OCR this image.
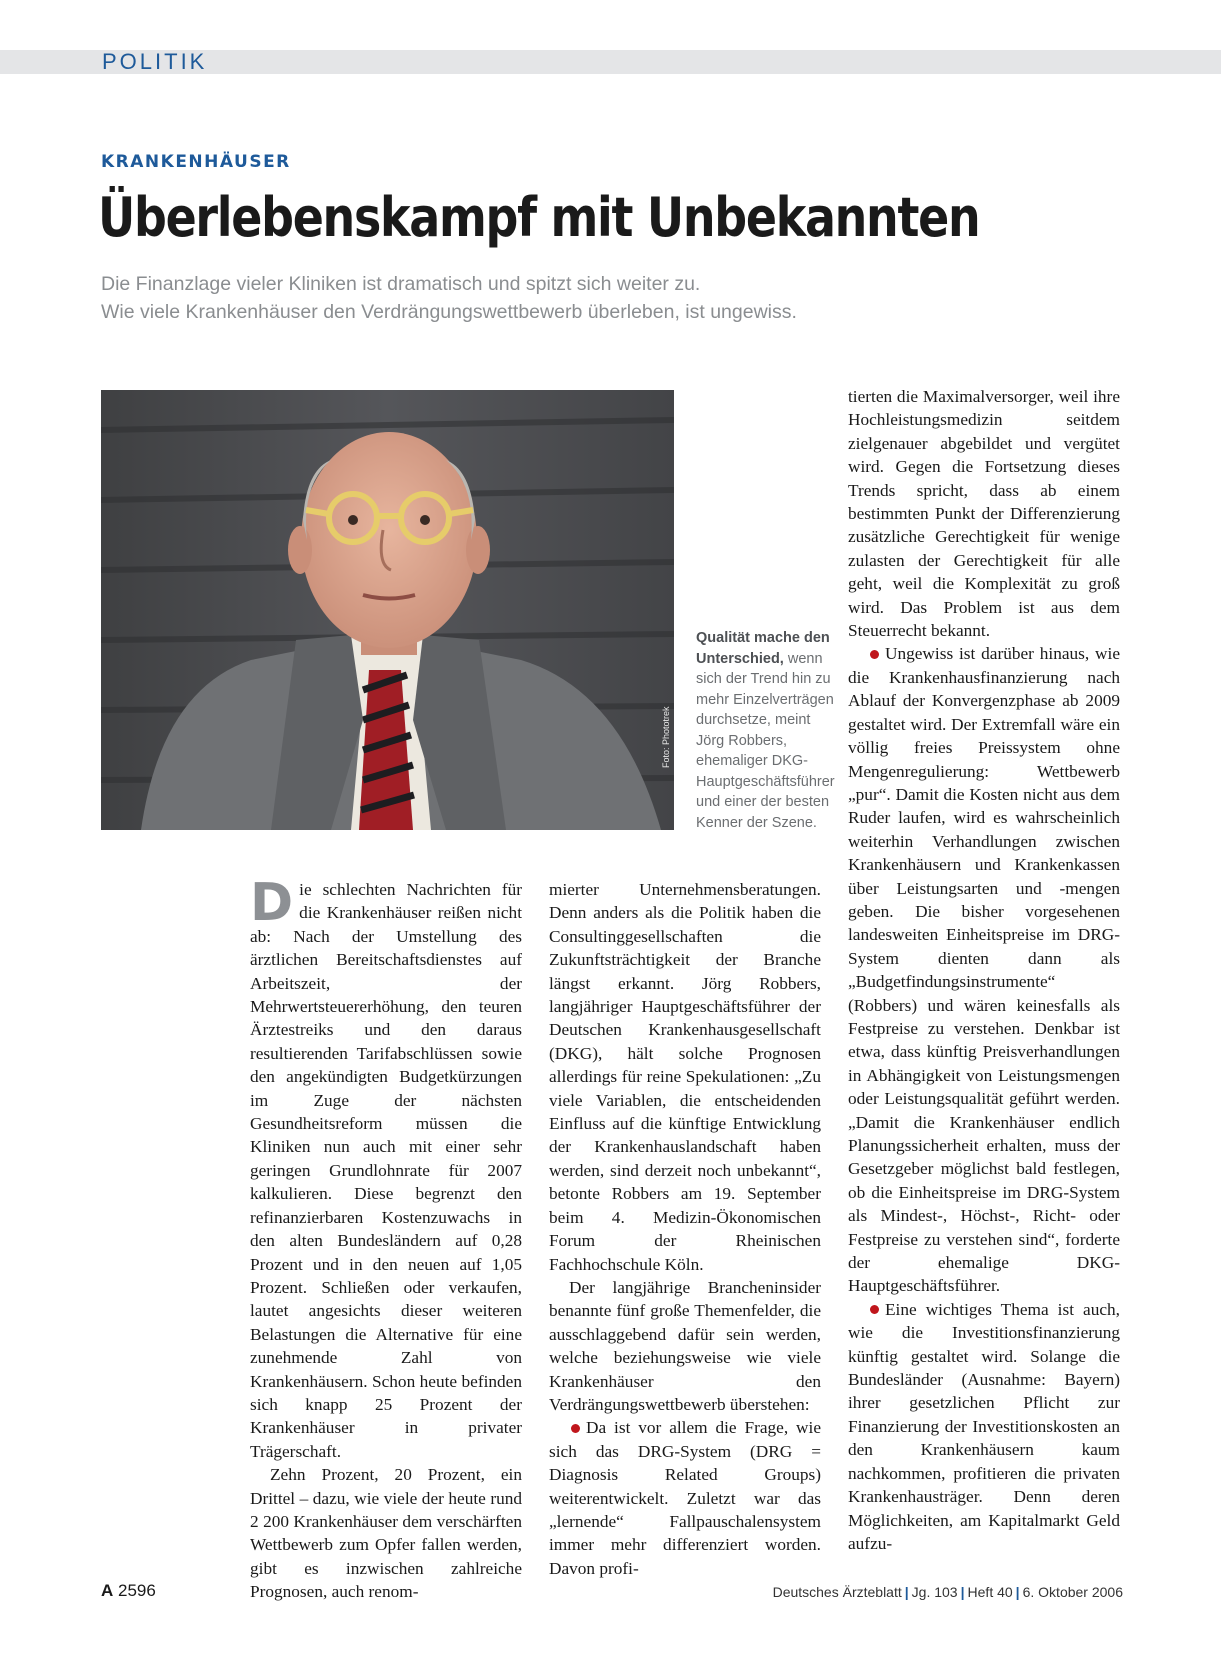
POLITIK
KRANKENHÄUSER
Überlebenskampf mit Unbekannten
Die Finanzlage vieler Kliniken ist dramatisch und spitzt sich weiter zu.
Wie viele Krankenhäuser den Verdrängungswettbewerb überleben, ist ungewiss.
Foto: Phototrek
Qualität mache den Unterschied, wenn sich der Trend hin zu mehr Einzelverträgen durchsetze, meint Jörg Robbers, ehemaliger DKG-Hauptgeschäftsführer und einer der besten Kenner der Szene.

D ie schlechten Nachrichten für die Krankenhäuser reißen nicht ab: Nach der Umstellung des ärztlichen Bereitschaftsdienstes auf Arbeitszeit, der Mehrwertsteuererhöhung, den teuren Ärztestreiks und den daraus resultierenden Tarifabschlüssen sowie den angekündigten Budgetkürzungen im Zuge der nächsten Gesundheitsreform müssen die Kliniken nun auch mit einer sehr geringen Grundlohnrate für 2007 kalkulieren. Diese begrenzt den refinanzierbaren Kostenzuwachs in den alten Bundesländern auf 0,28 Prozent und in den neuen auf 1,05 Prozent. Schließen oder verkaufen, lautet angesichts dieser weiteren Belastungen die Alternative für eine zunehmende Zahl von Krankenhäusern. Schon heute befinden sich knapp 25 Prozent der Krankenhäuser in privater Trägerschaft.

Zehn Prozent, 20 Prozent, ein Drittel – dazu, wie viele der heute rund 2 200 Krankenhäuser dem verschärften Wettbewerb zum Opfer fallen werden, gibt es inzwischen zahlreiche Prognosen, auch renom-

mierter Unternehmensberatungen. Denn anders als die Politik haben die Consultinggesellschaften die Zukunftsträchtigkeit der Branche längst erkannt. Jörg Robbers, langjähriger Hauptgeschäftsführer der Deutschen Krankenhausgesellschaft (DKG), hält solche Prognosen allerdings für reine Spekulationen: „Zu viele Variablen, die entscheidenden Einfluss auf die künftige Entwicklung der Krankenhauslandschaft haben werden, sind derzeit noch unbekannt“, betonte Robbers am 19. September beim 4. Medizin-Ökonomischen Forum der Rheinischen Fachhochschule Köln.

Der langjährige Brancheninsider benannte fünf große Themenfelder, die ausschlaggebend dafür sein werden, welche beziehungsweise wie viele Krankenhäuser den Verdrängungswettbewerb überstehen:

Da ist vor allem die Frage, wie sich das DRG-System (DRG = Diagnosis Related Groups) weiterentwickelt. Zuletzt war das „lernende“ Fallpauschalensystem immer mehr differenziert worden. Davon profi-

tierten die Maximalversorger, weil ihre Hochleistungsmedizin seitdem zielgenauer abgebildet und vergütet wird. Gegen die Fortsetzung dieses Trends spricht, dass ab einem bestimmten Punkt der Differenzierung zusätzliche Gerechtigkeit für wenige zulasten der Gerechtigkeit für alle geht, weil die Komplexität zu groß wird. Das Problem ist aus dem Steuerrecht bekannt.

Ungewiss ist darüber hinaus, wie die Krankenhausfinanzierung nach Ablauf der Konvergenzphase ab 2009 gestaltet wird. Der Extremfall wäre ein völlig freies Preissystem ohne Mengenregulierung: Wettbewerb „pur“. Damit die Kosten nicht aus dem Ruder laufen, wird es wahrscheinlich weiterhin Verhandlungen zwischen Krankenhäusern und Krankenkassen über Leistungsarten und -mengen geben. Die bisher vorgesehenen landesweiten Einheitspreise im DRG-System dienten dann als „Budgetfindungsinstrumente“ (Robbers) und wären keinesfalls als Festpreise zu verstehen. Denkbar ist etwa, dass künftig Preisverhandlungen in Abhängigkeit von Leistungsmengen oder Leistungsqualität geführt werden. „Damit die Krankenhäuser endlich Planungssicherheit erhalten, muss der Gesetzgeber möglichst bald festlegen, ob die Einheitspreise im DRG-System als Mindest-, Höchst-, Richt- oder Festpreise zu verstehen sind“, forderte der ehemalige DKG-Hauptgeschäftsführer.

Eine wichtiges Thema ist auch, wie die Investitionsfinanzierung künftig gestaltet wird. Solange die Bundesländer (Ausnahme: Bayern) ihrer gesetzlichen Pflicht zur Finanzierung der Investitionskosten an den Krankenhäusern kaum nachkommen, profitieren die privaten Krankenhausträger. Denn deren Möglichkeiten, am Kapitalmarkt Geld aufzu-

A 2596	Deutsches Ärzteblatt | Jg. 103 | Heft 40 | 6. Oktober 2006
